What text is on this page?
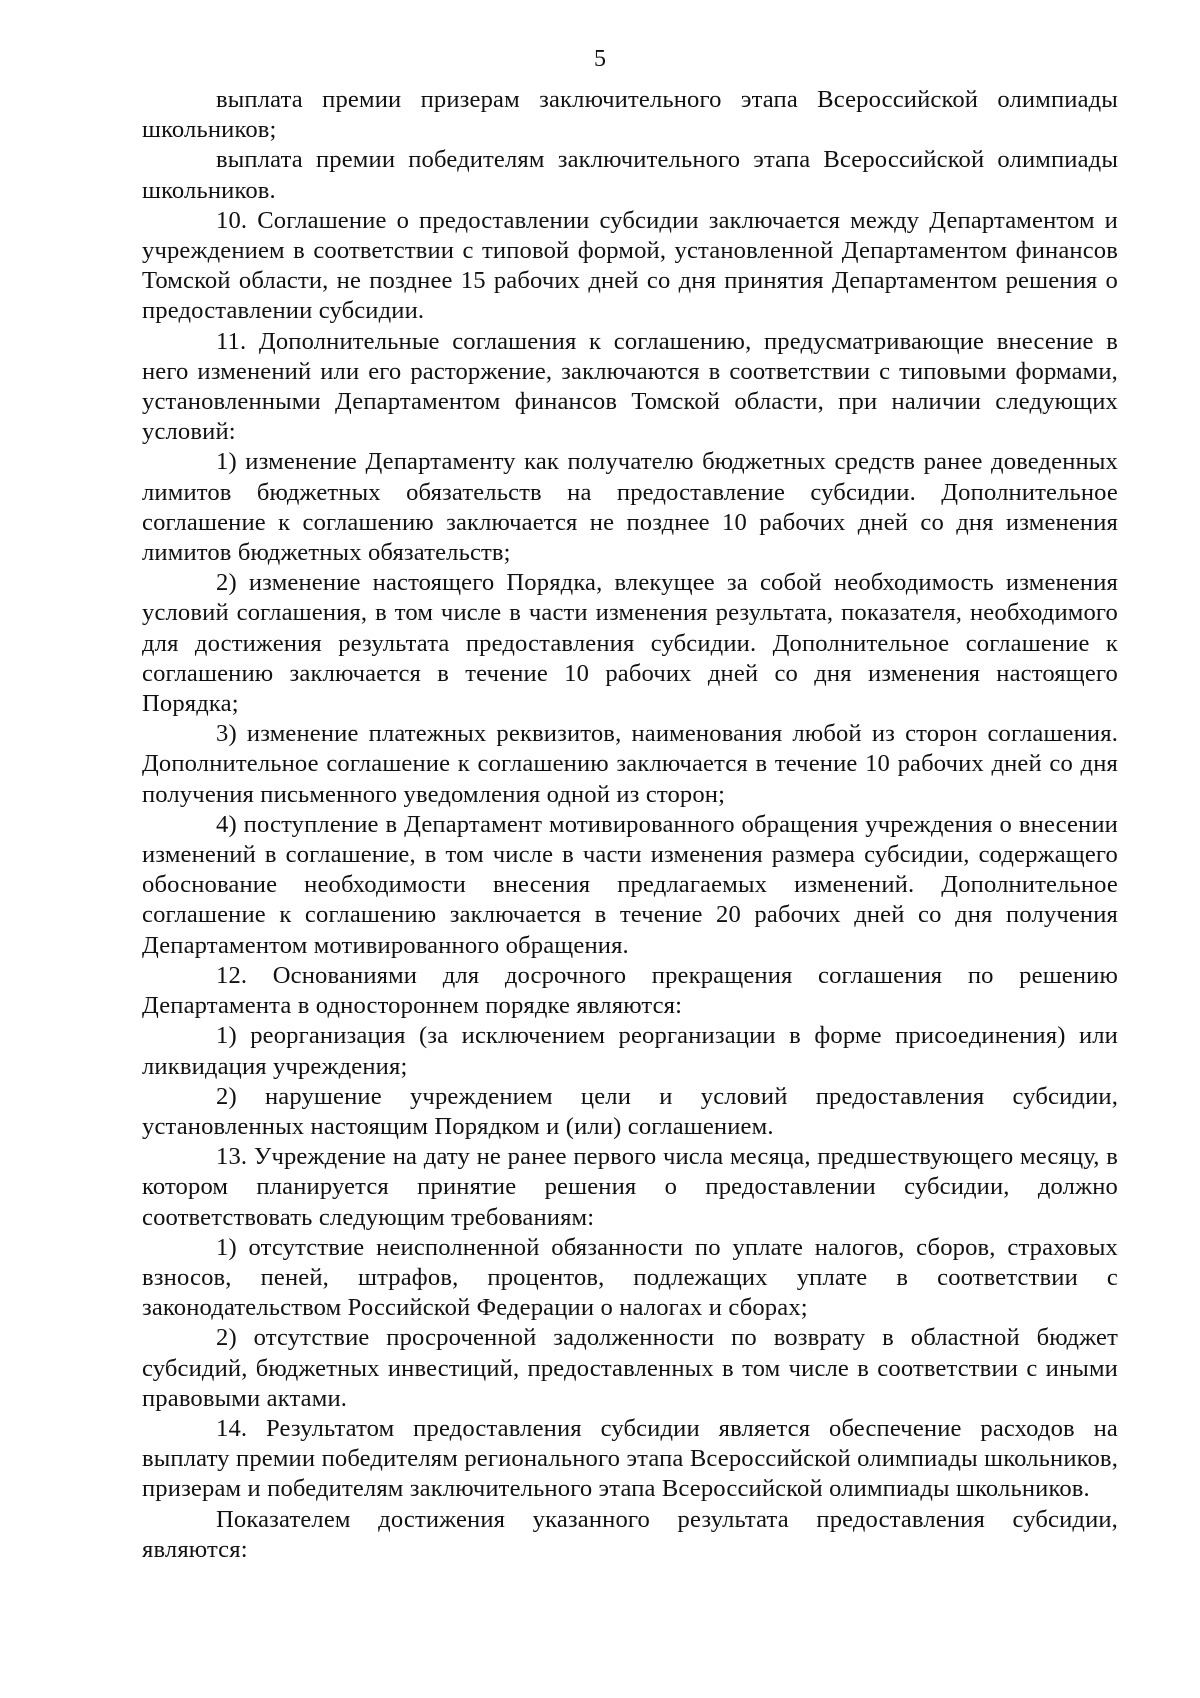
5

выплата премии призерам заключительного этапа Всероссийской олимпиады школьников;

выплата премии победителям заключительного этапа Всероссийской олимпиады школьников.

10. Соглашение о предоставлении субсидии заключается между Департаментом и учреждением в соответствии с типовой формой, установленной Департаментом финансов Томской области, не позднее 15 рабочих дней со дня принятия Департаментом решения о предоставлении субсидии.

11. Дополнительные соглашения к соглашению, предусматривающие внесение в него изменений или его расторжение, заключаются в соответствии с типовыми формами, установленными Департаментом финансов Томской области, при наличии следующих условий:

1) изменение Департаменту как получателю бюджетных средств ранее доведенных лимитов бюджетных обязательств на предоставление субсидии. Дополнительное соглашение к соглашению заключается не позднее 10 рабочих дней со дня изменения лимитов бюджетных обязательств;

2) изменение настоящего Порядка, влекущее за собой необходимость изменения условий соглашения, в том числе в части изменения результата, показателя, необходимого для достижения результата предоставления субсидии. Дополнительное соглашение к соглашению заключается в течение 10 рабочих дней со дня изменения настоящего Порядка;

3) изменение платежных реквизитов, наименования любой из сторон соглашения. Дополнительное соглашение к соглашению заключается в течение 10 рабочих дней со дня получения письменного уведомления одной из сторон;

4) поступление в Департамент мотивированного обращения учреждения о внесении изменений в соглашение, в том числе в части изменения размера субсидии, содержащего обоснование необходимости внесения предлагаемых изменений. Дополнительное соглашение к соглашению заключается в течение 20 рабочих дней со дня получения Департаментом мотивированного обращения.

12. Основаниями для досрочного прекращения соглашения по решению Департамента в одностороннем порядке являются:

1) реорганизация (за исключением реорганизации в форме присоединения) или ликвидация учреждения;

2) нарушение учреждением цели и условий предоставления субсидии, установленных настоящим Порядком и (или) соглашением.

13. Учреждение на дату не ранее первого числа месяца, предшествующего месяцу, в котором планируется принятие решения о предоставлении субсидии, должно соответствовать следующим требованиям:

1) отсутствие неисполненной обязанности по уплате налогов, сборов, страховых взносов, пеней, штрафов, процентов, подлежащих уплате в соответствии с законодательством Российской Федерации о налогах и сборах;

2) отсутствие просроченной задолженности по возврату в областной бюджет субсидий, бюджетных инвестиций, предоставленных в том числе в соответствии с иными правовыми актами.

14. Результатом предоставления субсидии является обеспечение расходов на выплату премии победителям регионального этапа Всероссийской олимпиады школьников, призерам и победителям заключительного этапа Всероссийской олимпиады школьников.

Показателем достижения указанного результата предоставления субсидии, являются:
